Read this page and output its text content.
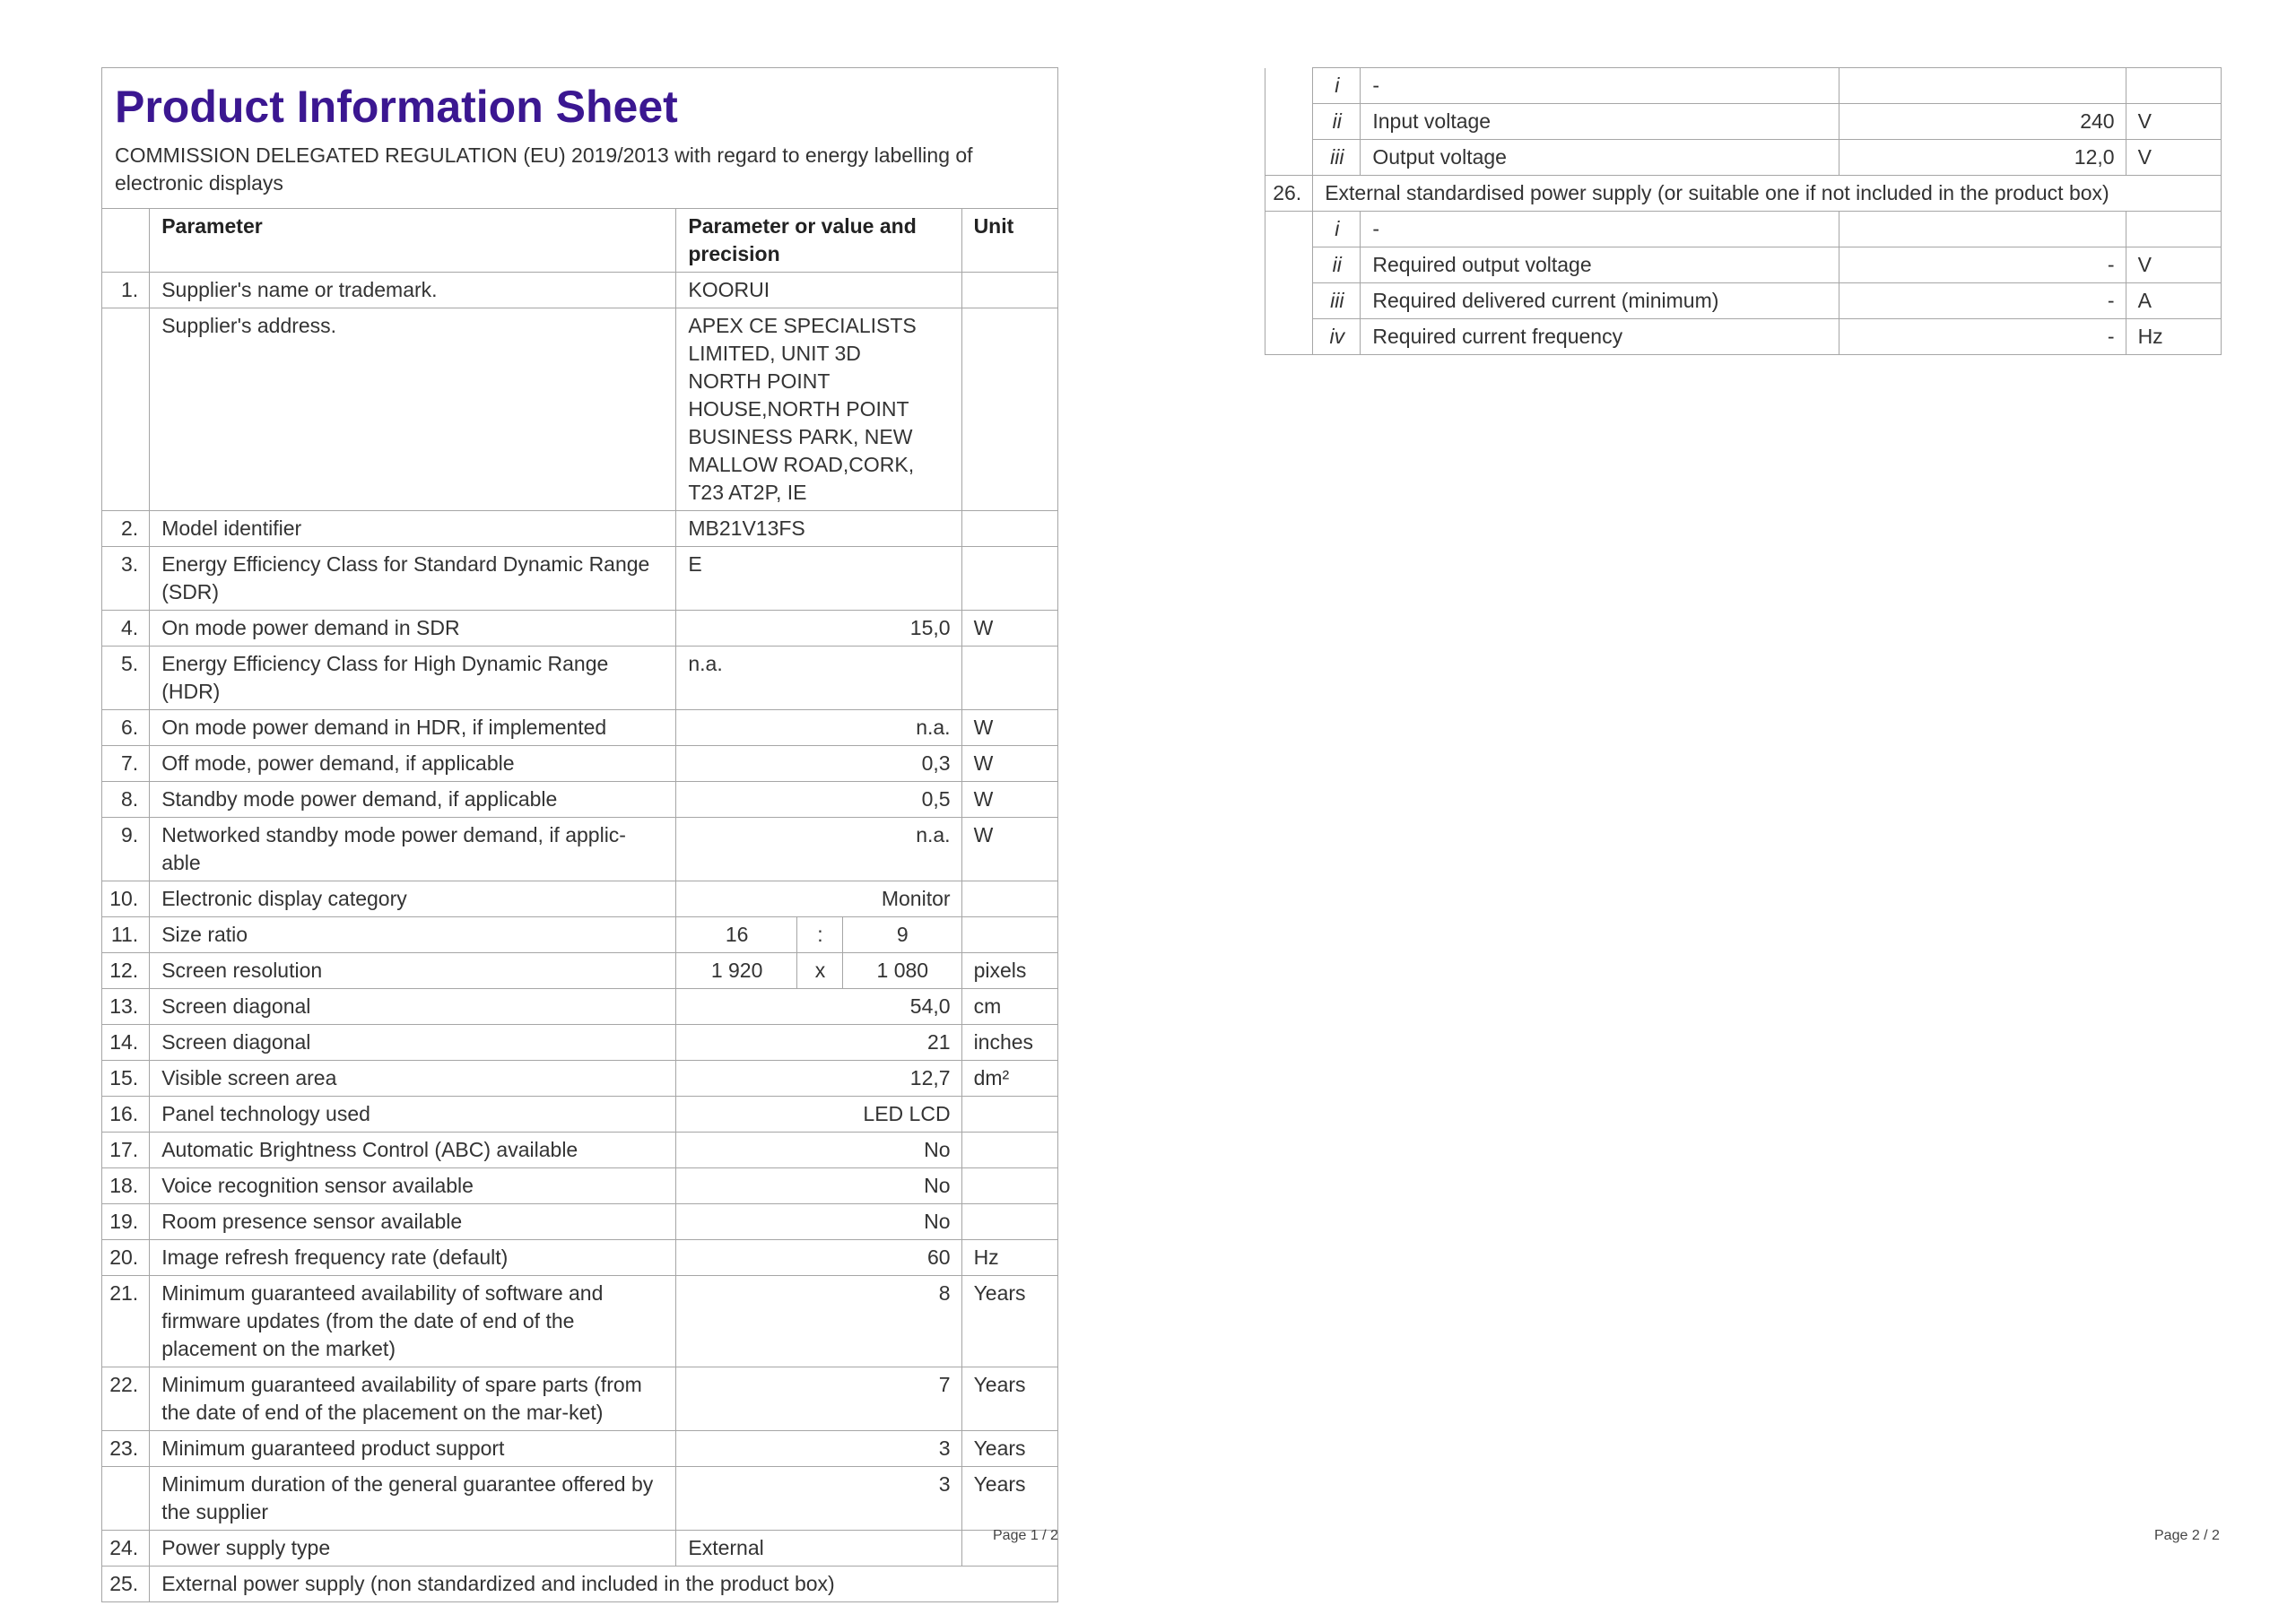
Product Information Sheet
COMMISSION DELEGATED REGULATION (EU) 2019/2013 with regard to energy labelling of electronic displays
	Parameter	Parameter or value and precision			Unit
1.	Supplier's name or trademark.	KOORUI			
	Supplier's address.	APEX CE SPECIALISTS LIMITED, UNIT 3D NORTH POINT HOUSE,NORTH POINT BUSINESS PARK, NEW MALLOW ROAD,CORK, T23 AT2P, IE			
2.	Model identifier	MB21V13FS			
3.	Energy Efficiency Class for Standard Dynamic Range (SDR)	E			
4.	On mode power demand in SDR	15,0			W
5.	Energy Efficiency Class for High Dynamic Range (HDR)	n.a.			
6.	On mode power demand in HDR, if implemented	n.a.			W
7.	Off mode, power demand, if applicable	0,3			W
8.	Standby mode power demand, if applicable	0,5			W
9.	Networked standby mode power demand, if applic-able	n.a.			W
10.	Electronic display category	Monitor			
11.	Size ratio	16	:	9	
12.	Screen resolution	1 920	x	1 080	pixels
13.	Screen diagonal	54,0			cm
14.	Screen diagonal	21			inches
15.	Visible screen area	12,7			dm²
16.	Panel technology used	LED LCD			
17.	Automatic Brightness Control (ABC) available	No			
18.	Voice recognition sensor available	No			
19.	Room presence sensor available	No			
20.	Image refresh frequency rate (default)	60			Hz
21.	Minimum guaranteed availability of software and firmware updates (from the date of end of the placement on the market)	8			Years
22.	Minimum guaranteed availability of spare parts (from the date of end of the placement on the mar-ket)	7			Years
23.	Minimum guaranteed product support	3			Years
	Minimum duration of the general guarantee offered by the supplier	3			Years
24.	Power supply type	External			
25.	External power supply (non standardized and included in the product box)				
	i	-		
	ii	Input voltage	240	V
	iii	Output voltage	12,0	V
26.	External standardised power supply (or suitable one if not included in the product box)			
	i	-		
	ii	Required output voltage	-	V
	iii	Required delivered current (minimum)	-	A
	iv	Required current frequency	-	Hz
Page 1 / 2	Page 2 / 2
